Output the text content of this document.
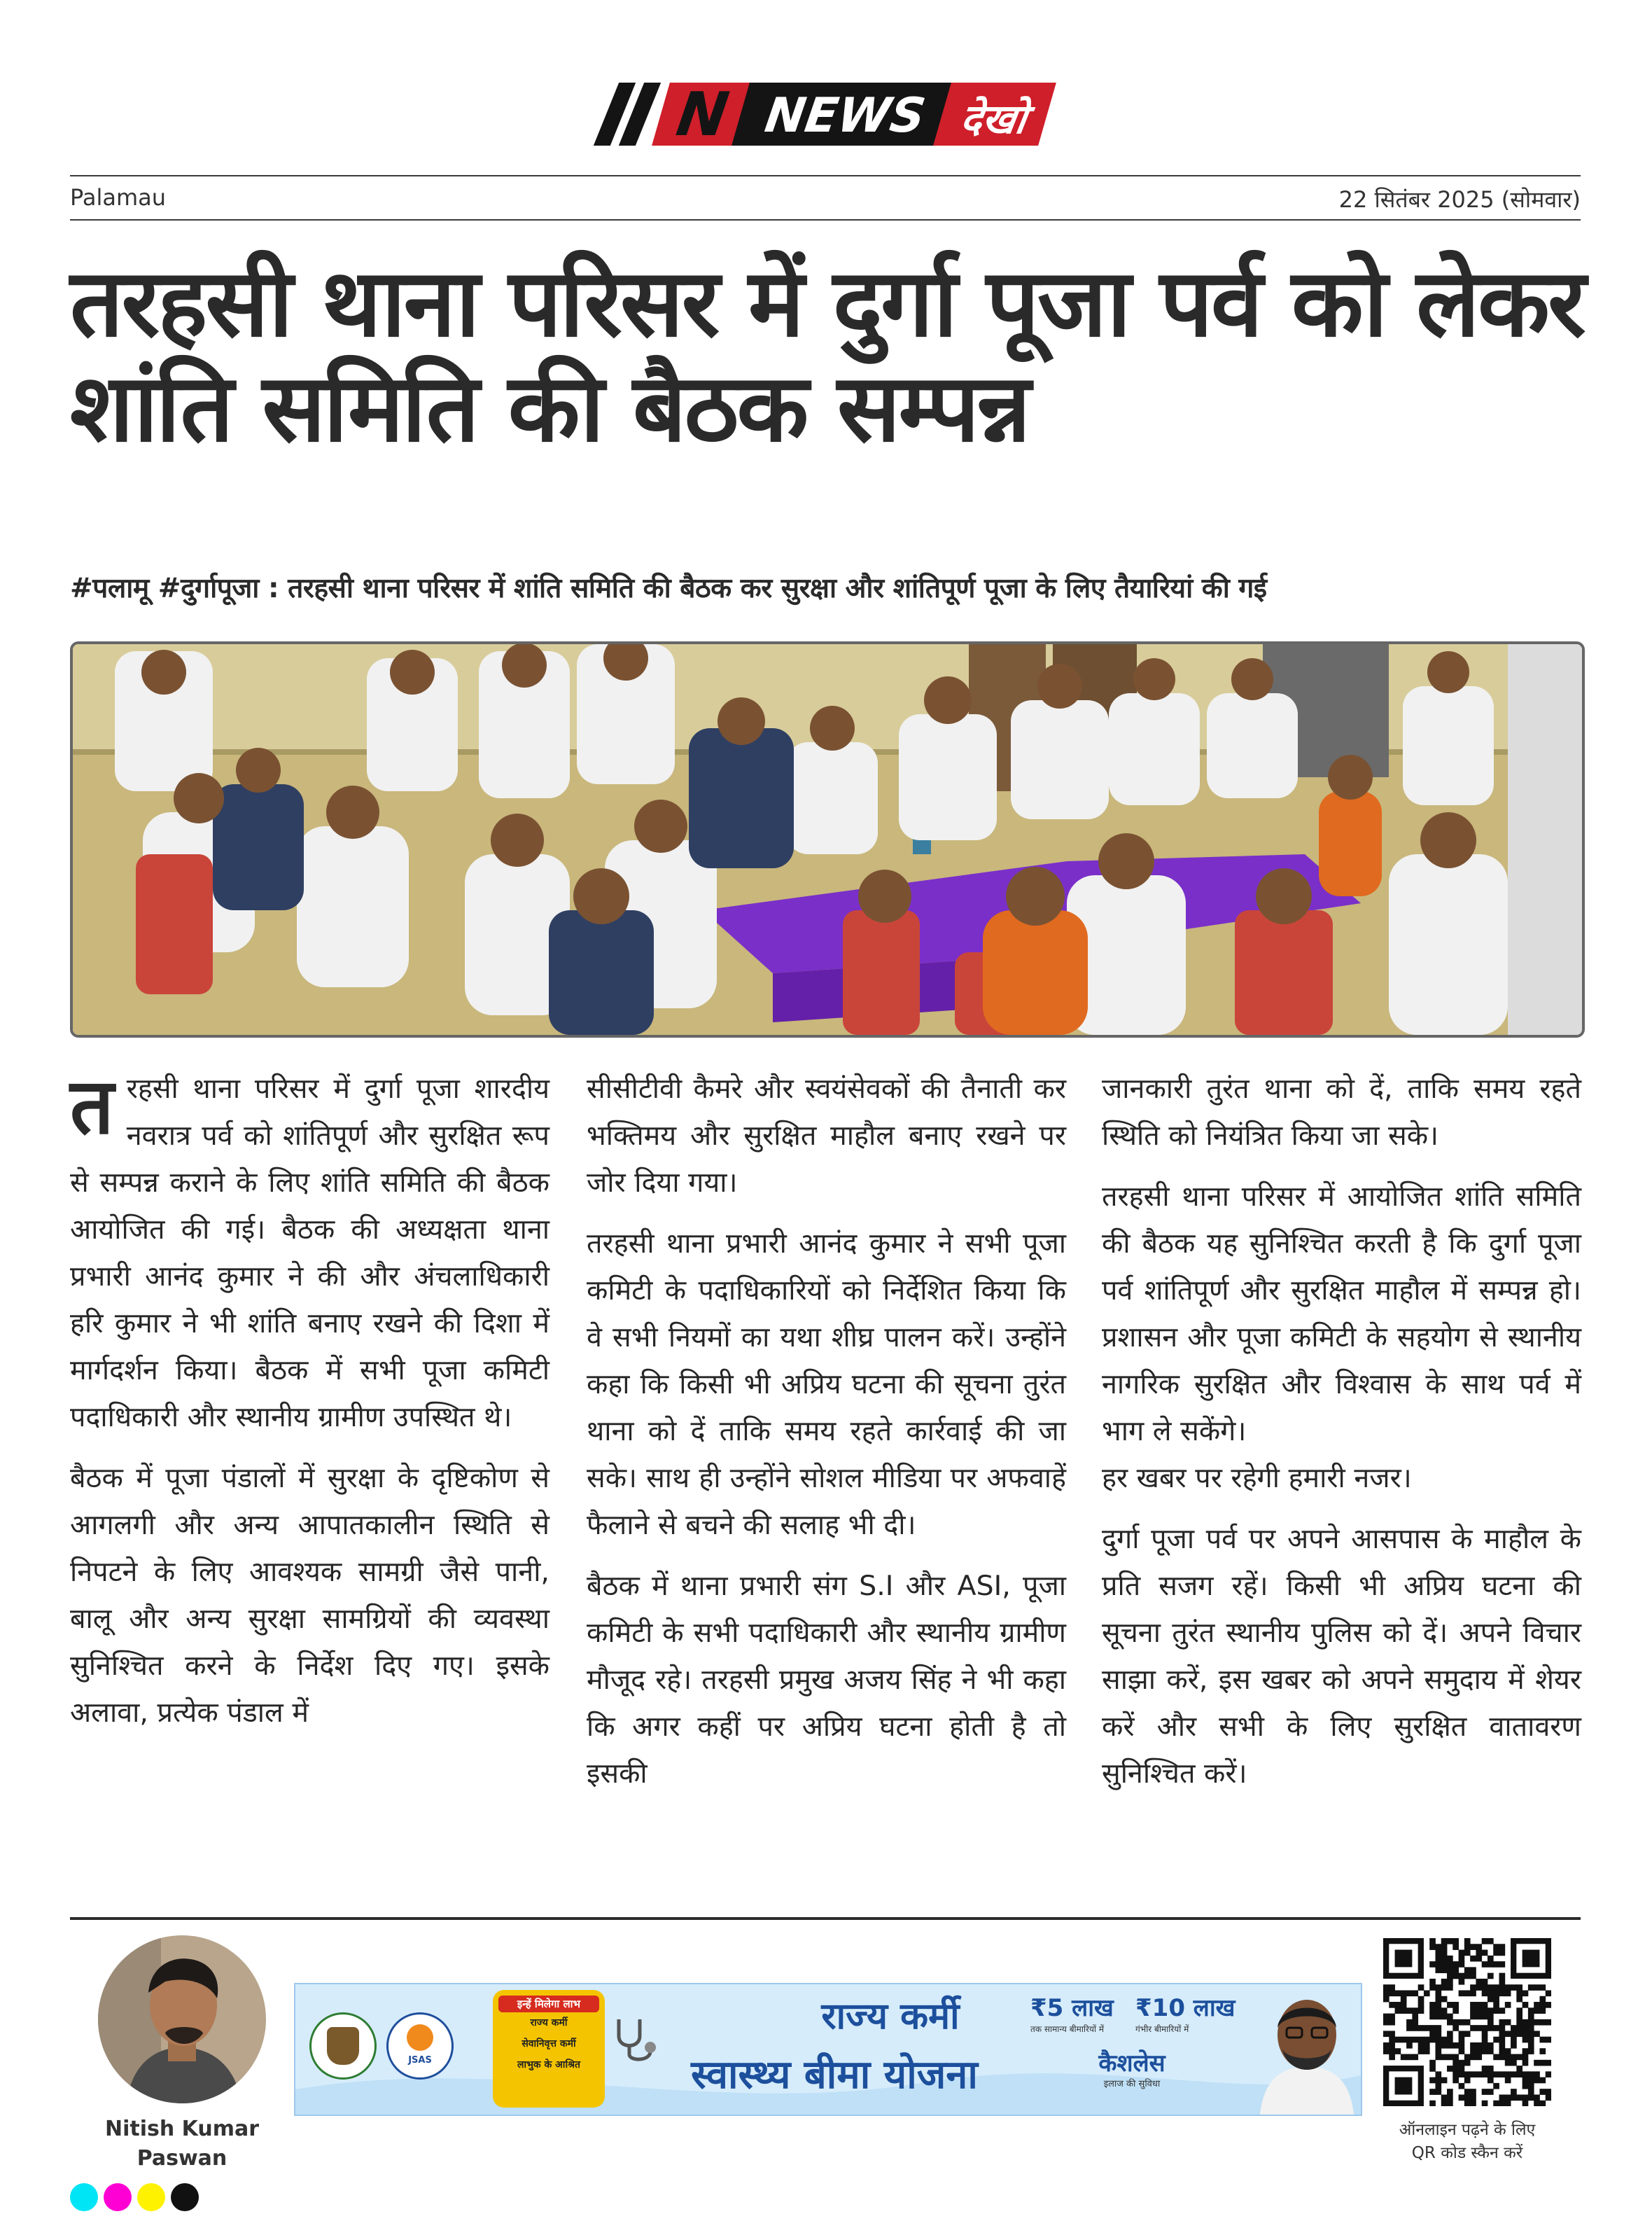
N NEWS देखो
Palamau	22 सितंबर 2025 (सोमवार)
तरहसी थाना परिसर में दुर्गा पूजा पर्व को लेकर शांति समिति की बैठक सम्पन्न
#पलामू #दुर्गापूजा : तरहसी थाना परिसर में शांति समिति की बैठक कर सुरक्षा और शांतिपूर्ण पूजा के लिए तैयारियां की गई

तरहसी थाना परिसर में दुर्गा पूजा शारदीय नवरात्र पर्व को शांतिपूर्ण और सुरक्षित रूप से सम्पन्न कराने के लिए शांति समिति की बैठक आयोजित की गई। बैठक की अध्यक्षता थाना प्रभारी आनंद कुमार ने की और अंचलाधिकारी हरि कुमार ने भी शांति बनाए रखने की दिशा में मार्गदर्शन किया। बैठक में सभी पूजा कमिटी पदाधिकारी और स्थानीय ग्रामीण उपस्थित थे।

बैठक में पूजा पंडालों में सुरक्षा के दृष्टिकोण से आगलगी और अन्य आपातकालीन स्थिति से निपटने के लिए आवश्यक सामग्री जैसे पानी, बालू और अन्य सुरक्षा सामग्रियों की व्यवस्था सुनिश्चित करने के निर्देश दिए गए। इसके अलावा, प्रत्येक पंडाल में

सीसीटीवी कैमरे और स्वयंसेवकों की तैनाती कर भक्तिमय और सुरक्षित माहौल बनाए रखने पर जोर दिया गया।

तरहसी थाना प्रभारी आनंद कुमार ने सभी पूजा कमिटी के पदाधिकारियों को निर्देशित किया कि वे सभी नियमों का यथा शीघ्र पालन करें। उन्होंने कहा कि किसी भी अप्रिय घटना की सूचना तुरंत थाना को दें ताकि समय रहते कार्रवाई की जा सके। साथ ही उन्होंने सोशल मीडिया पर अफवाहें फैलाने से बचने की सलाह भी दी।

बैठक में थाना प्रभारी संग S.I और ASI, पूजा कमिटी के सभी पदाधिकारी और स्थानीय ग्रामीण मौजूद रहे। तरहसी प्रमुख अजय सिंह ने भी कहा कि अगर कहीं पर अप्रिय घटना होती है तो इसकी

जानकारी तुरंत थाना को दें, ताकि समय रहते स्थिति को नियंत्रित किया जा सके।

तरहसी थाना परिसर में आयोजित शांति समिति की बैठक यह सुनिश्चित करती है कि दुर्गा पूजा पर्व शांतिपूर्ण और सुरक्षित माहौल में सम्पन्न हो। प्रशासन और पूजा कमिटी के सहयोग से स्थानीय नागरिक सुरक्षित और विश्वास के साथ पर्व में भाग ले सकेंगे।

हर खबर पर रहेगी हमारी नजर।

दुर्गा पूजा पर्व पर अपने आसपास के माहौल के प्रति सजग रहें। किसी भी अप्रिय घटना की सूचना तुरंत स्थानीय पुलिस को दें। अपने विचार साझा करें, इस खबर को अपने समुदाय में शेयर करें और सभी के लिए सुरक्षित वातावरण सुनिश्चित करें।

Nitish Kumar
Paswan
JSAS
इन्हें मिलेगा लाभ
राज्य कर्मी
सेवानिवृत्त कर्मी
लाभुक के आश्रित
राज्य कर्मी
स्वास्थ्य बीमा योजना
₹5 लाख
तक सामान्य बीमारियों में
₹10 लाख
गंभीर बीमारियों में
कैशलेस
इलाज की सुविधा
ऑनलाइन पढ़ने के लिए
QR कोड स्कैन करें
